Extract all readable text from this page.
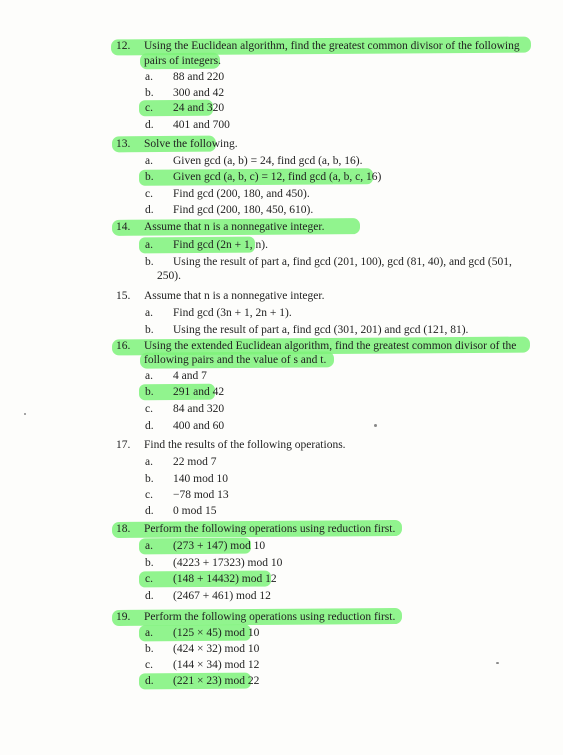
12. Using the Euclidean algorithm, find the greatest common divisor of the following
pairs of integers.
a. 88 and 220
b. 300 and 42
c. 24 and 320
d. 401 and 700
13. Solve the following.
a. Given gcd (a, b) = 24, find gcd (a, b, 16).
b. Given gcd (a, b, c) = 12, find gcd (a, b, c, 16)
c. Find gcd (200, 180, and 450).
d. Find gcd (200, 180, 450, 610).
14. Assume that n is a nonnegative integer.
a. Find gcd (2n + 1, n).
b. Using the result of part a, find gcd (201, 100), gcd (81, 40), and gcd (501,
250).
15. Assume that n is a nonnegative integer.
a. Find gcd (3n + 1, 2n + 1).
b. Using the result of part a, find gcd (301, 201) and gcd (121, 81).
16. Using the extended Euclidean algorithm, find the greatest common divisor of the
following pairs and the value of s and t.
a. 4 and 7
b. 291 and 42
c. 84 and 320
d. 400 and 60
17. Find the results of the following operations.
a. 22 mod 7
b. 140 mod 10
c. −78 mod 13
d. 0 mod 15
18. Perform the following operations using reduction first.
a. (273 + 147) mod 10
b. (4223 + 17323) mod 10
c. (148 + 14432) mod 12
d. (2467 + 461) mod 12
19. Perform the following operations using reduction first.
a. (125 × 45) mod 10
b. (424 × 32) mod 10
c. (144 × 34) mod 12
d. (221 × 23) mod 22
